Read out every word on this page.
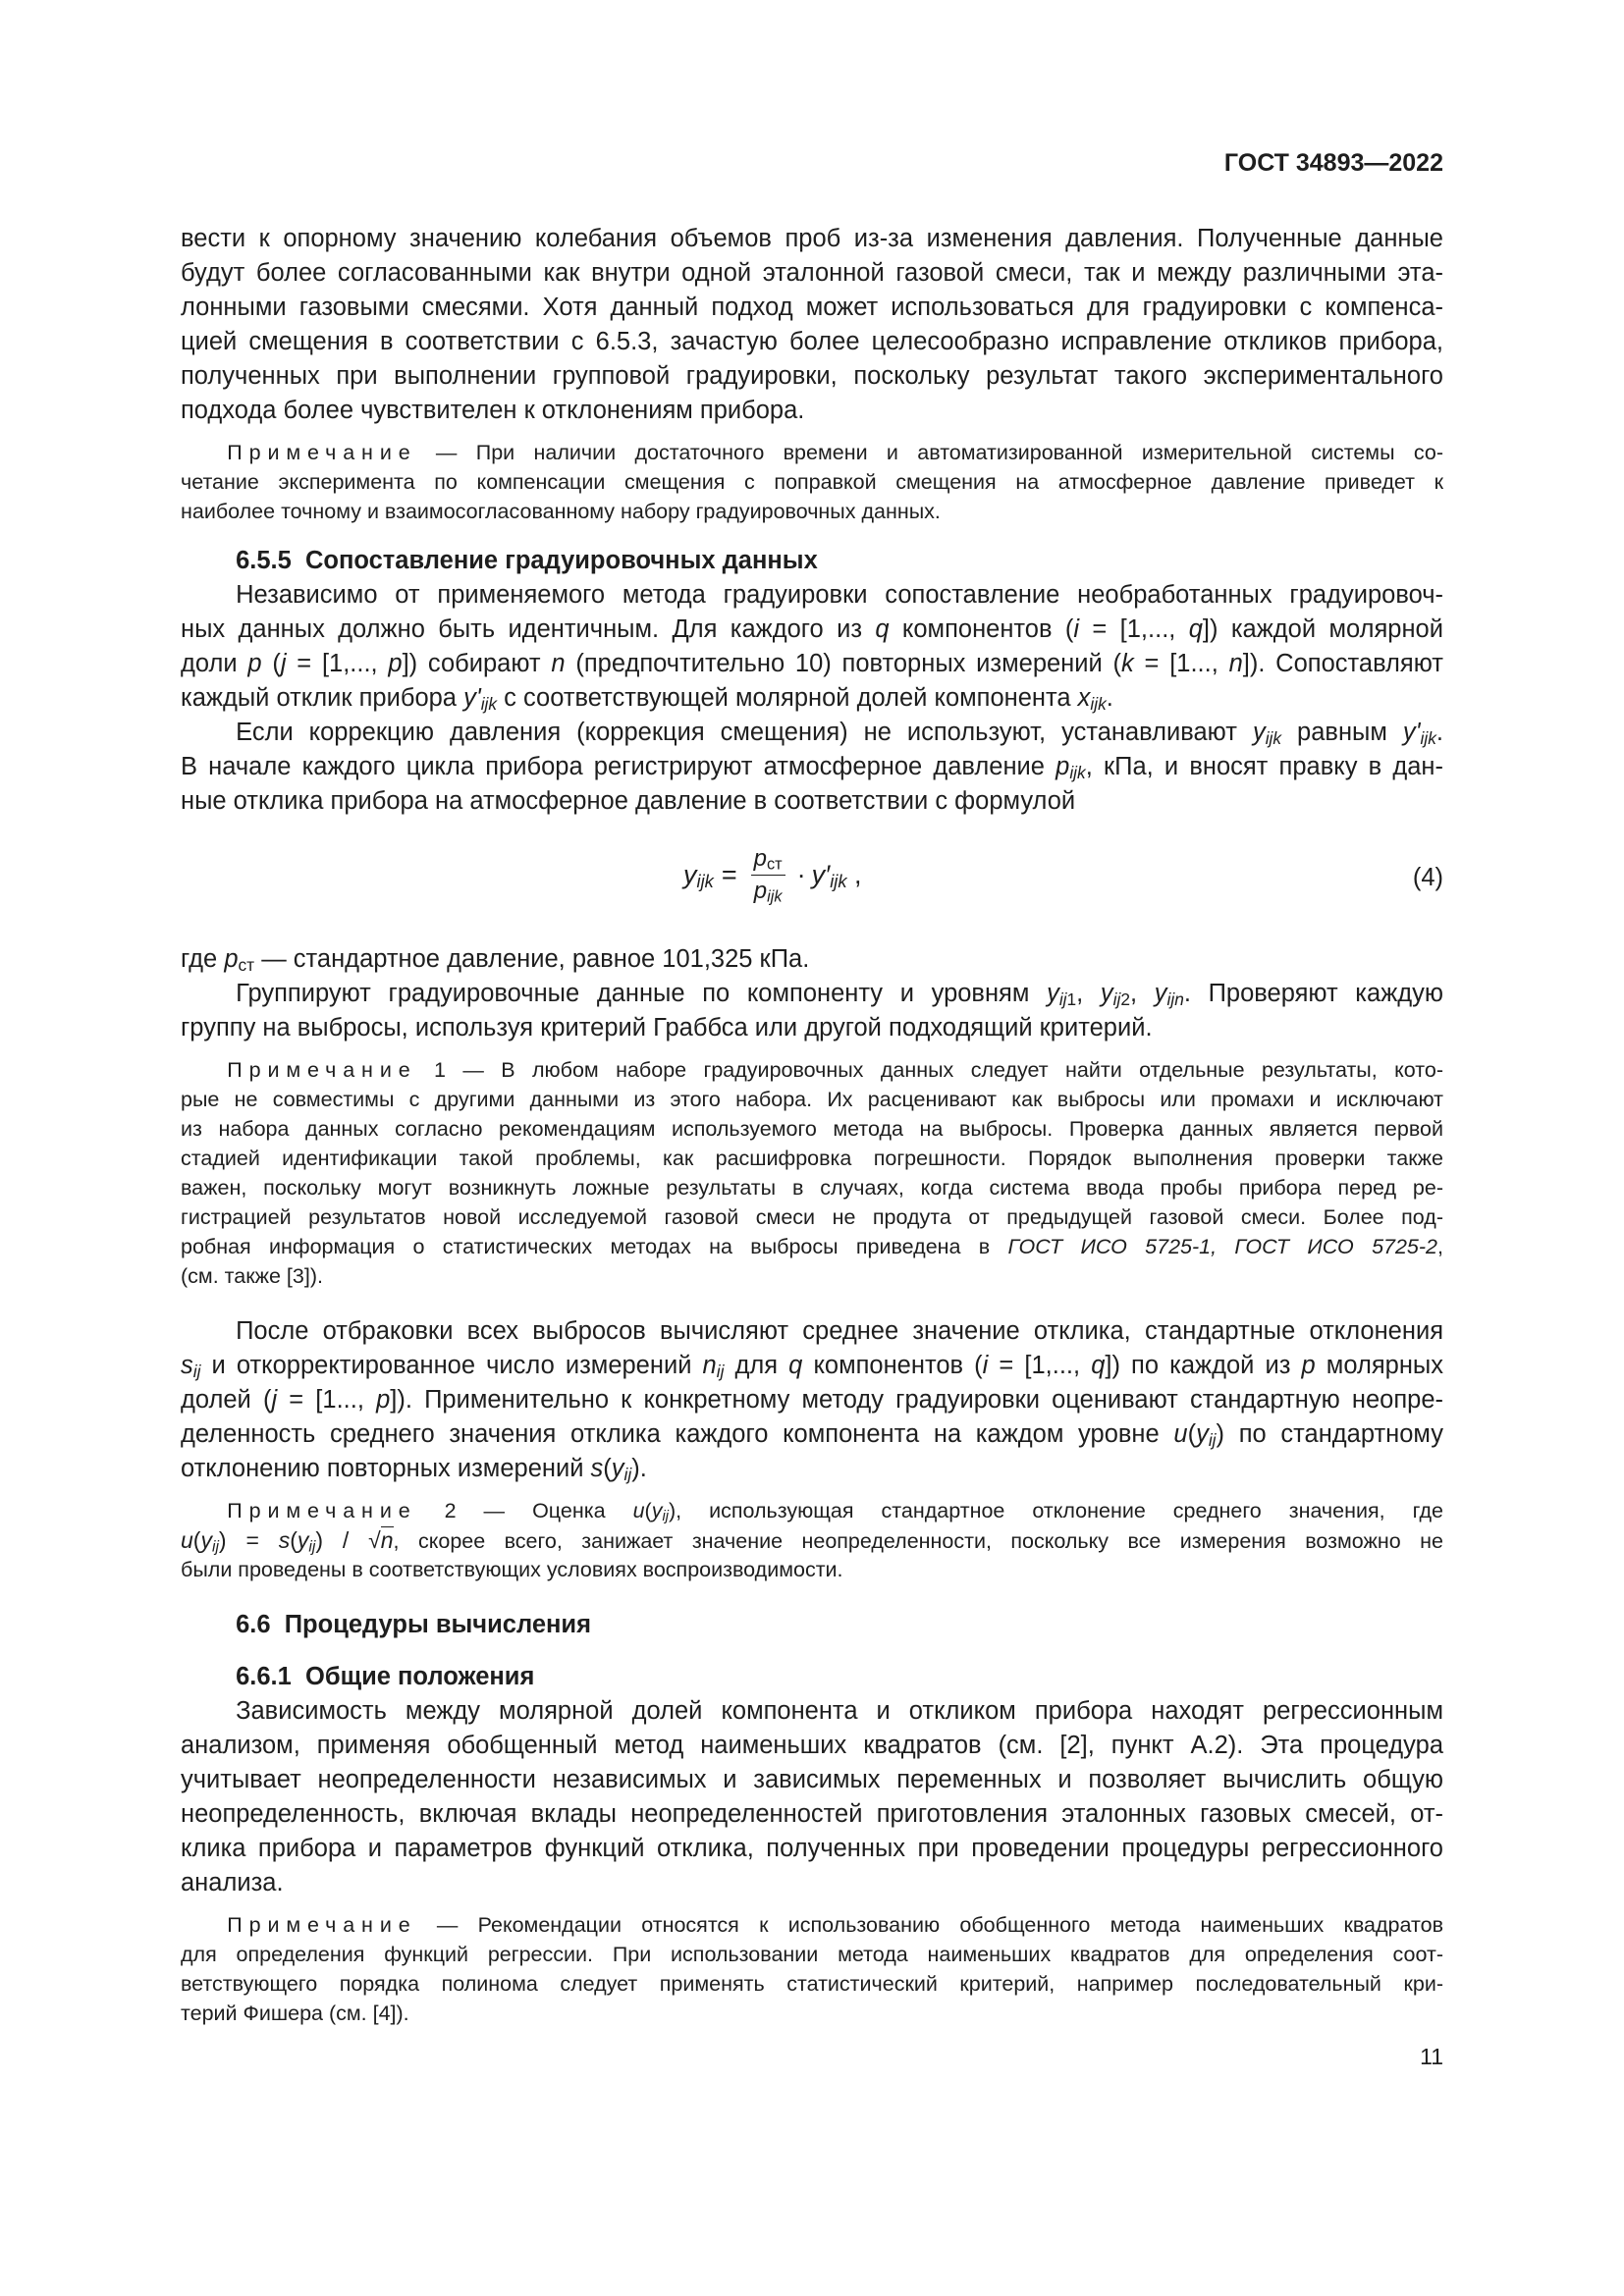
ГОСТ 34893—2022
вести к опорному значению колебания объемов проб из-за изменения давления. Полученные данные
будут более согласованными как внутри одной эталонной газовой смеси, так и между различными эта-
лонными газовыми смесями. Хотя данный подход может использоваться для градуировки с компенса-
цией смещения в соответствии с 6.5.3, зачастую более целесообразно исправление откликов прибора,
полученных при выполнении групповой градуировки, поскольку результат такого экспериментального
подхода более чувствителен к отклонениям прибора.
Примечание — При наличии достаточного времени и автоматизированной измерительной системы со-
четание эксперимента по компенсации смещения с поправкой смещения на атмосферное давление приведет к
наиболее точному и взаимосогласованному набору градуировочных данных.
6.5.5 Сопоставление градуировочных данных
Независимо от применяемого метода градуировки сопоставление необработанных градуировоч-
ных данных должно быть идентичным. Для каждого из q компонентов (i = [1,..., q]) каждой молярной
доли p (j = [1,..., p]) собирают n (предпочтительно 10) повторных измерений (k = [1..., n]). Сопоставляют
каждый отклик прибора $y'_{ijk}$ с соответствующей молярной долей компонента $x_{ijk}$.
Если коррекцию давления (коррекция смещения) не используют, устанавливают $y_{ijk}$ равным $y'_{ijk}$.
В начале каждого цикла прибора регистрируют атмосферное давление $p_{ijk}$, кПа, и вносят правку в дан-
ные отклика прибора на атмосферное давление в соответствии с формулой
$y_{ijk} = \frac{p_{ст}}{p_{ijk}} \cdot y'_{ijk}$ ,	(4)
где $p_{ст}$ — стандартное давление, равное 101,325 кПа.
Группируют градуировочные данные по компоненту и уровням $y_{ij1}$, $y_{ij2}$, $y_{ijn}$. Проверяют каждую
группу на выбросы, используя критерий Граббса или другой подходящий критерий.
Примечание 1 — В любом наборе градуировочных данных следует найти отдельные результаты, кото-
рые не совместимы с другими данными из этого набора. Их расценивают как выбросы или промахи и исключают
из набора данных согласно рекомендациям используемого метода на выбросы. Проверка данных является первой
стадией идентификации такой проблемы, как расшифровка погрешности. Порядок выполнения проверки также
важен, поскольку могут возникнуть ложные результаты в случаях, когда система ввода пробы прибора перед ре-
гистрацией результатов новой исследуемой газовой смеси не продута от предыдущей газовой смеси. Более под-
робная информация о статистических методах на выбросы приведена в ГОСТ ИСО 5725-1, ГОСТ ИСО 5725-2,
(см. также [3]).
После отбраковки всех выбросов вычисляют среднее значение отклика, стандартные отклонения
$s_{ij}$ и откорректированное число измерений $n_{ij}$ для q компонентов (i = [1,..., q]) по каждой из p молярных
долей (j = [1..., p]). Применительно к конкретному методу градуировки оценивают стандартную неопре-
деленность среднего значения отклика каждого компонента на каждом уровне $u(y_{ij})$ по стандартному
отклонению повторных измерений $s(y_{ij})$.
Примечание 2 — Оценка $u(y_{ij})$, использующая стандартное отклонение среднего значения, где
$u(y_{ij}) = s(y_{ij}) / √n$, скорее всего, занижает значение неопределенности, поскольку все измерения возможно не
были проведены в соответствующих условиях воспроизводимости.
6.6 Процедуры вычисления
6.6.1 Общие положения
Зависимость между молярной долей компонента и откликом прибора находят регрессионным
анализом, применяя обобщенный метод наименьших квадратов (см. [2], пункт А.2). Эта процедура
учитывает неопределенности независимых и зависимых переменных и позволяет вычислить общую
неопределенность, включая вклады неопределенностей приготовления эталонных газовых смесей, от-
клика прибора и параметров функций отклика, полученных при проведении процедуры регрессионного
анализа.
Примечание — Рекомендации относятся к использованию обобщенного метода наименьших квадратов
для определения функций регрессии. При использовании метода наименьших квадратов для определения соот-
ветствующего порядка полинома следует применять статистический критерий, например последовательный кри-
терий Фишера (см. [4]).
11
